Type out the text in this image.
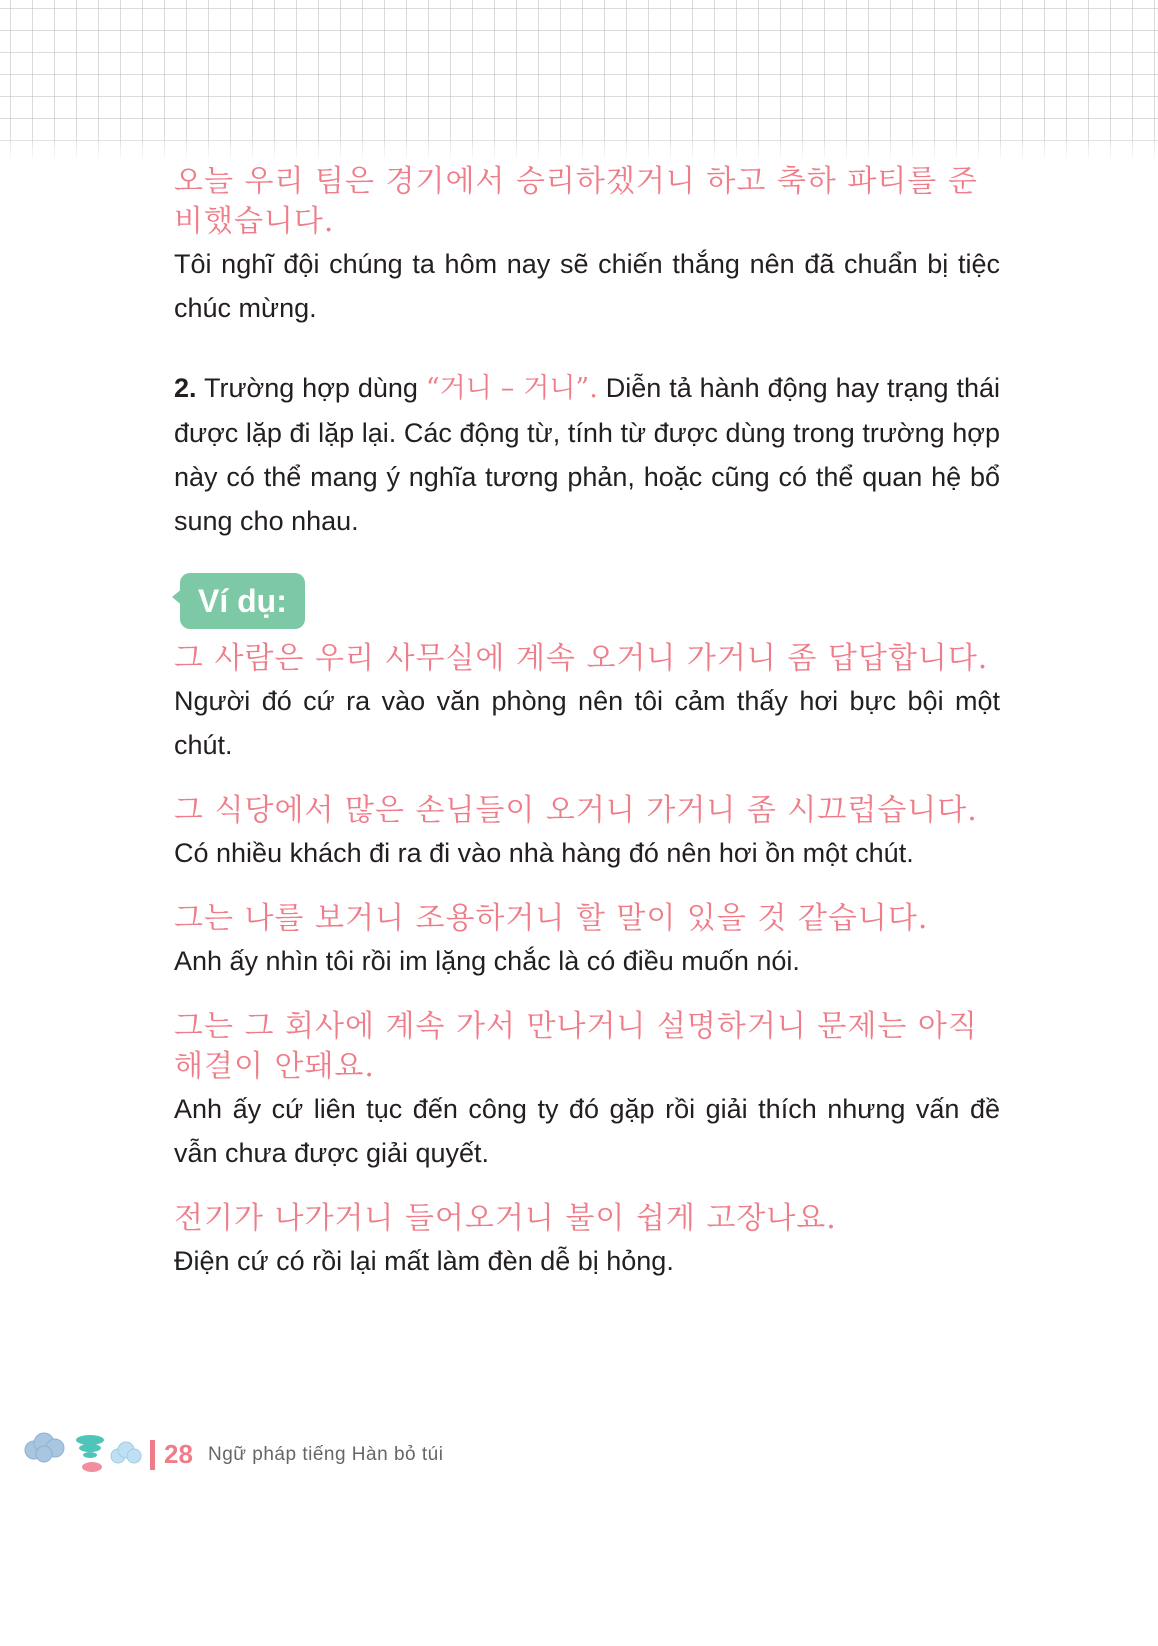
오늘 우리 팀은 경기에서 승리하겠거니 하고 축하 파티를 준비했습니다.

Tôi nghĩ đội chúng ta hôm nay sẽ chiến thắng nên đã chuẩn bị tiệc chúc mừng.

2. Trường hợp dùng “거니 – 거니”. Diễn tả hành động hay trạng thái được lặp đi lặp lại. Các động từ, tính từ được dùng trong trường hợp này có thể mang ý nghĩa tương phản, hoặc cũng có thể quan hệ bổ sung cho nhau.

Ví dụ:

그 사람은 우리 사무실에 계속 오거니 가거니 좀 답답합니다.

Người đó cứ ra vào văn phòng nên tôi cảm thấy hơi bực bội một chút.

그 식당에서 많은 손님들이 오거니 가거니 좀 시끄럽습니다.

Có nhiều khách đi ra đi vào nhà hàng đó nên hơi ồn một chút.

그는 나를 보거니 조용하거니 할 말이 있을 것 같습니다.

Anh ấy nhìn tôi rồi im lặng chắc là có điều muốn nói.

그는 그 회사에 계속 가서 만나거니 설명하거니 문제는 아직 해결이 안돼요.

Anh ấy cứ liên tục đến công ty đó gặp rồi giải thích nhưng vấn đề vẫn chưa được giải quyết.

전기가 나가거니 들어오거니 불이 쉽게 고장나요.

Điện cứ có rồi lại mất làm đèn dễ bị hỏng.

28 Ngữ pháp tiếng Hàn bỏ túi
